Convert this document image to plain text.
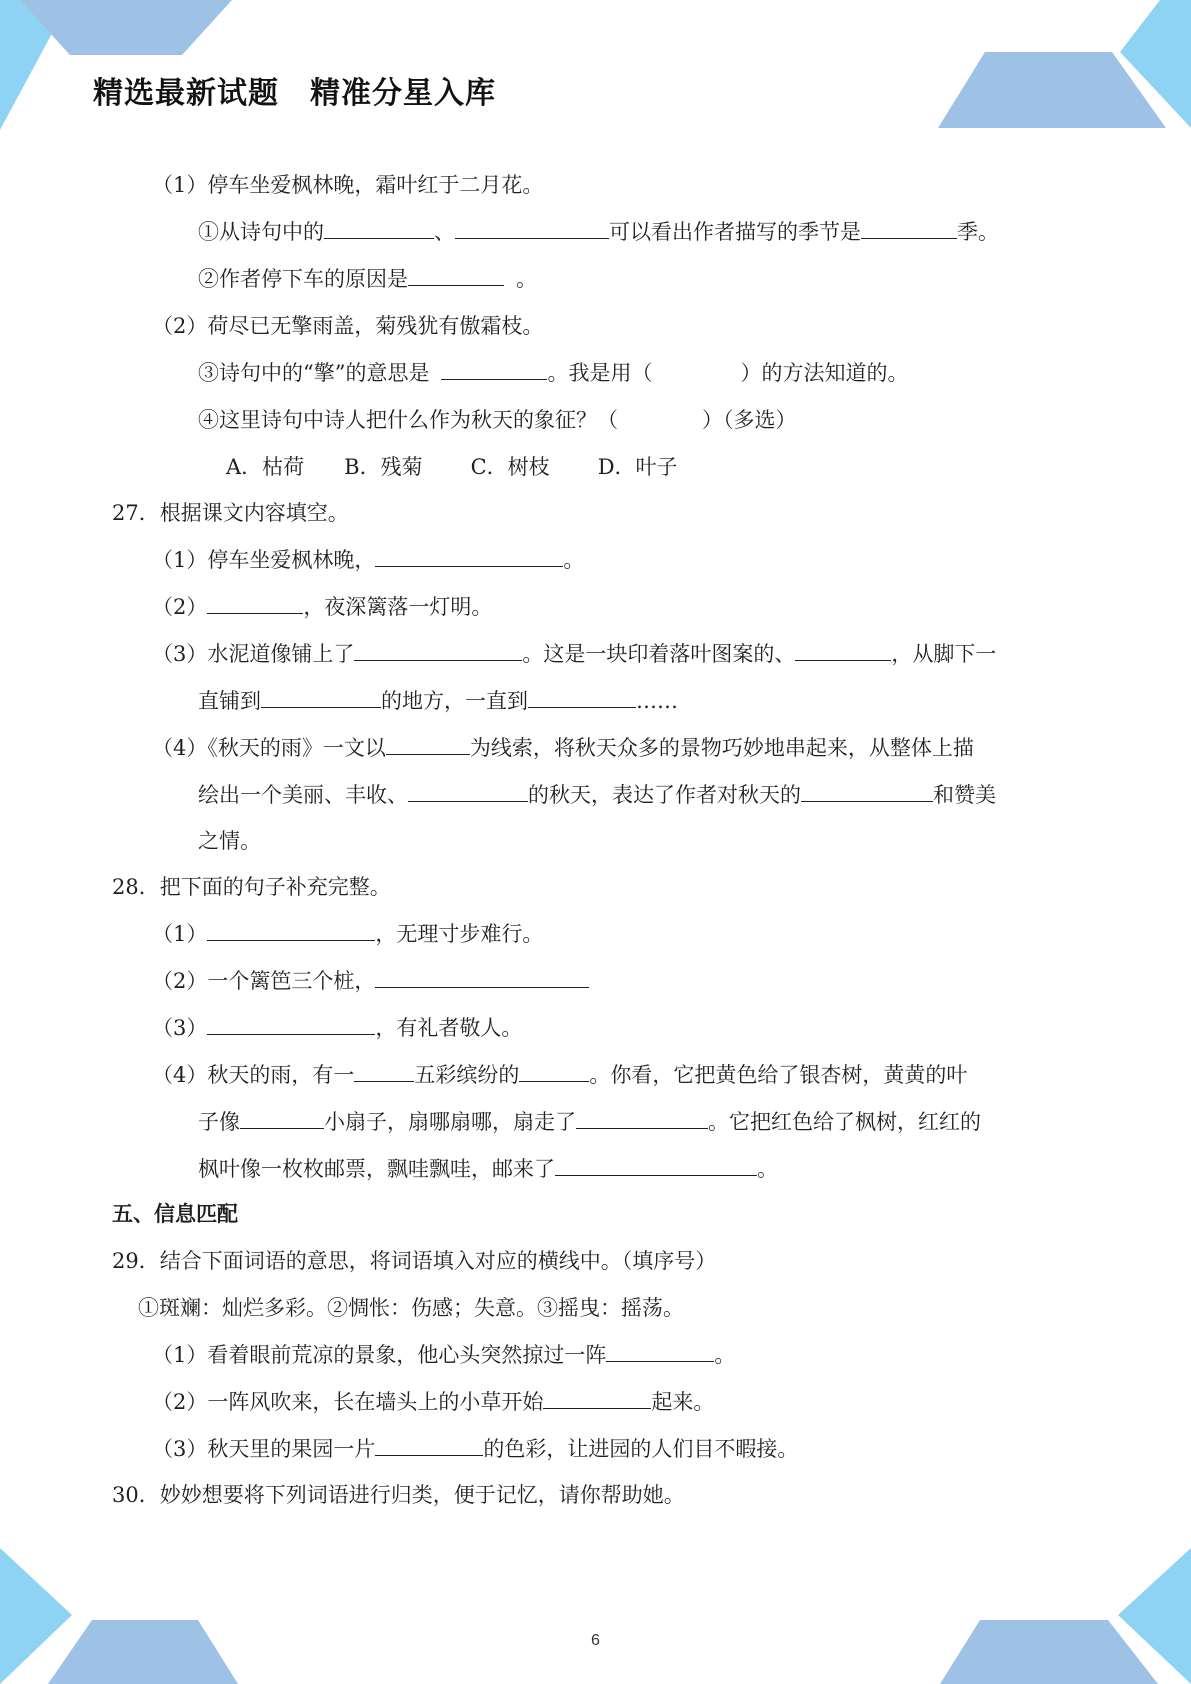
精选最新试题　精准分星入库
（1）停车坐爱枫林晚，霜叶红于二月花。
①从诗句中的	、	可以看出作者描写的季节是	季。
②作者停下车的原因是	。
（2）荷尽已无擎雨盖，菊残犹有傲霜枝。
③诗句中的“擎”的意思是	。我是用（	）的方法知道的。
④这里诗句中诗人把什么作为秋天的象征？（	）（多选）
A．枯荷 B．残菊 C．树枝 D．叶子
27．根据课文内容填空。
（1）停车坐爱枫林晚，	。
（2）	，夜深篱落一灯明。
（3）水泥道像铺上了	。这是一块印着落叶图案的、	，从脚下一
直铺到	的地方，一直到	……
（4）《秋天的雨》一文以	为线索，将秋天众多的景物巧妙地串起来，从整体上描
绘出一个美丽、丰收、	的秋天，表达了作者对秋天的	和赞美
之情。
28．把下面的句子补充完整。
（1）	，无理寸步难行。
（2）一个篱笆三个桩，
（3）	，有礼者敬人。
（4）秋天的雨，有一	五彩缤纷的	。你看，它把黄色给了银杏树，黄黄的叶
子像	小扇子，扇哪扇哪，扇走了	。它把红色给了枫树，红红的
枫叶像一枚枚邮票，飘哇飘哇，邮来了	。
五、信息匹配
29．结合下面词语的意思，将词语填入对应的横线中。（填序号）
①斑斓：灿烂多彩。②惆怅：伤感；失意。③摇曳：摇荡。
（1）看着眼前荒凉的景象，他心头突然掠过一阵	。
（2）一阵风吹来，长在墙头上的小草开始	起来。
（3）秋天里的果园一片	的色彩，让进园的人们目不暇接。
30．妙妙想要将下列词语进行归类，便于记忆，请你帮助她。
6
